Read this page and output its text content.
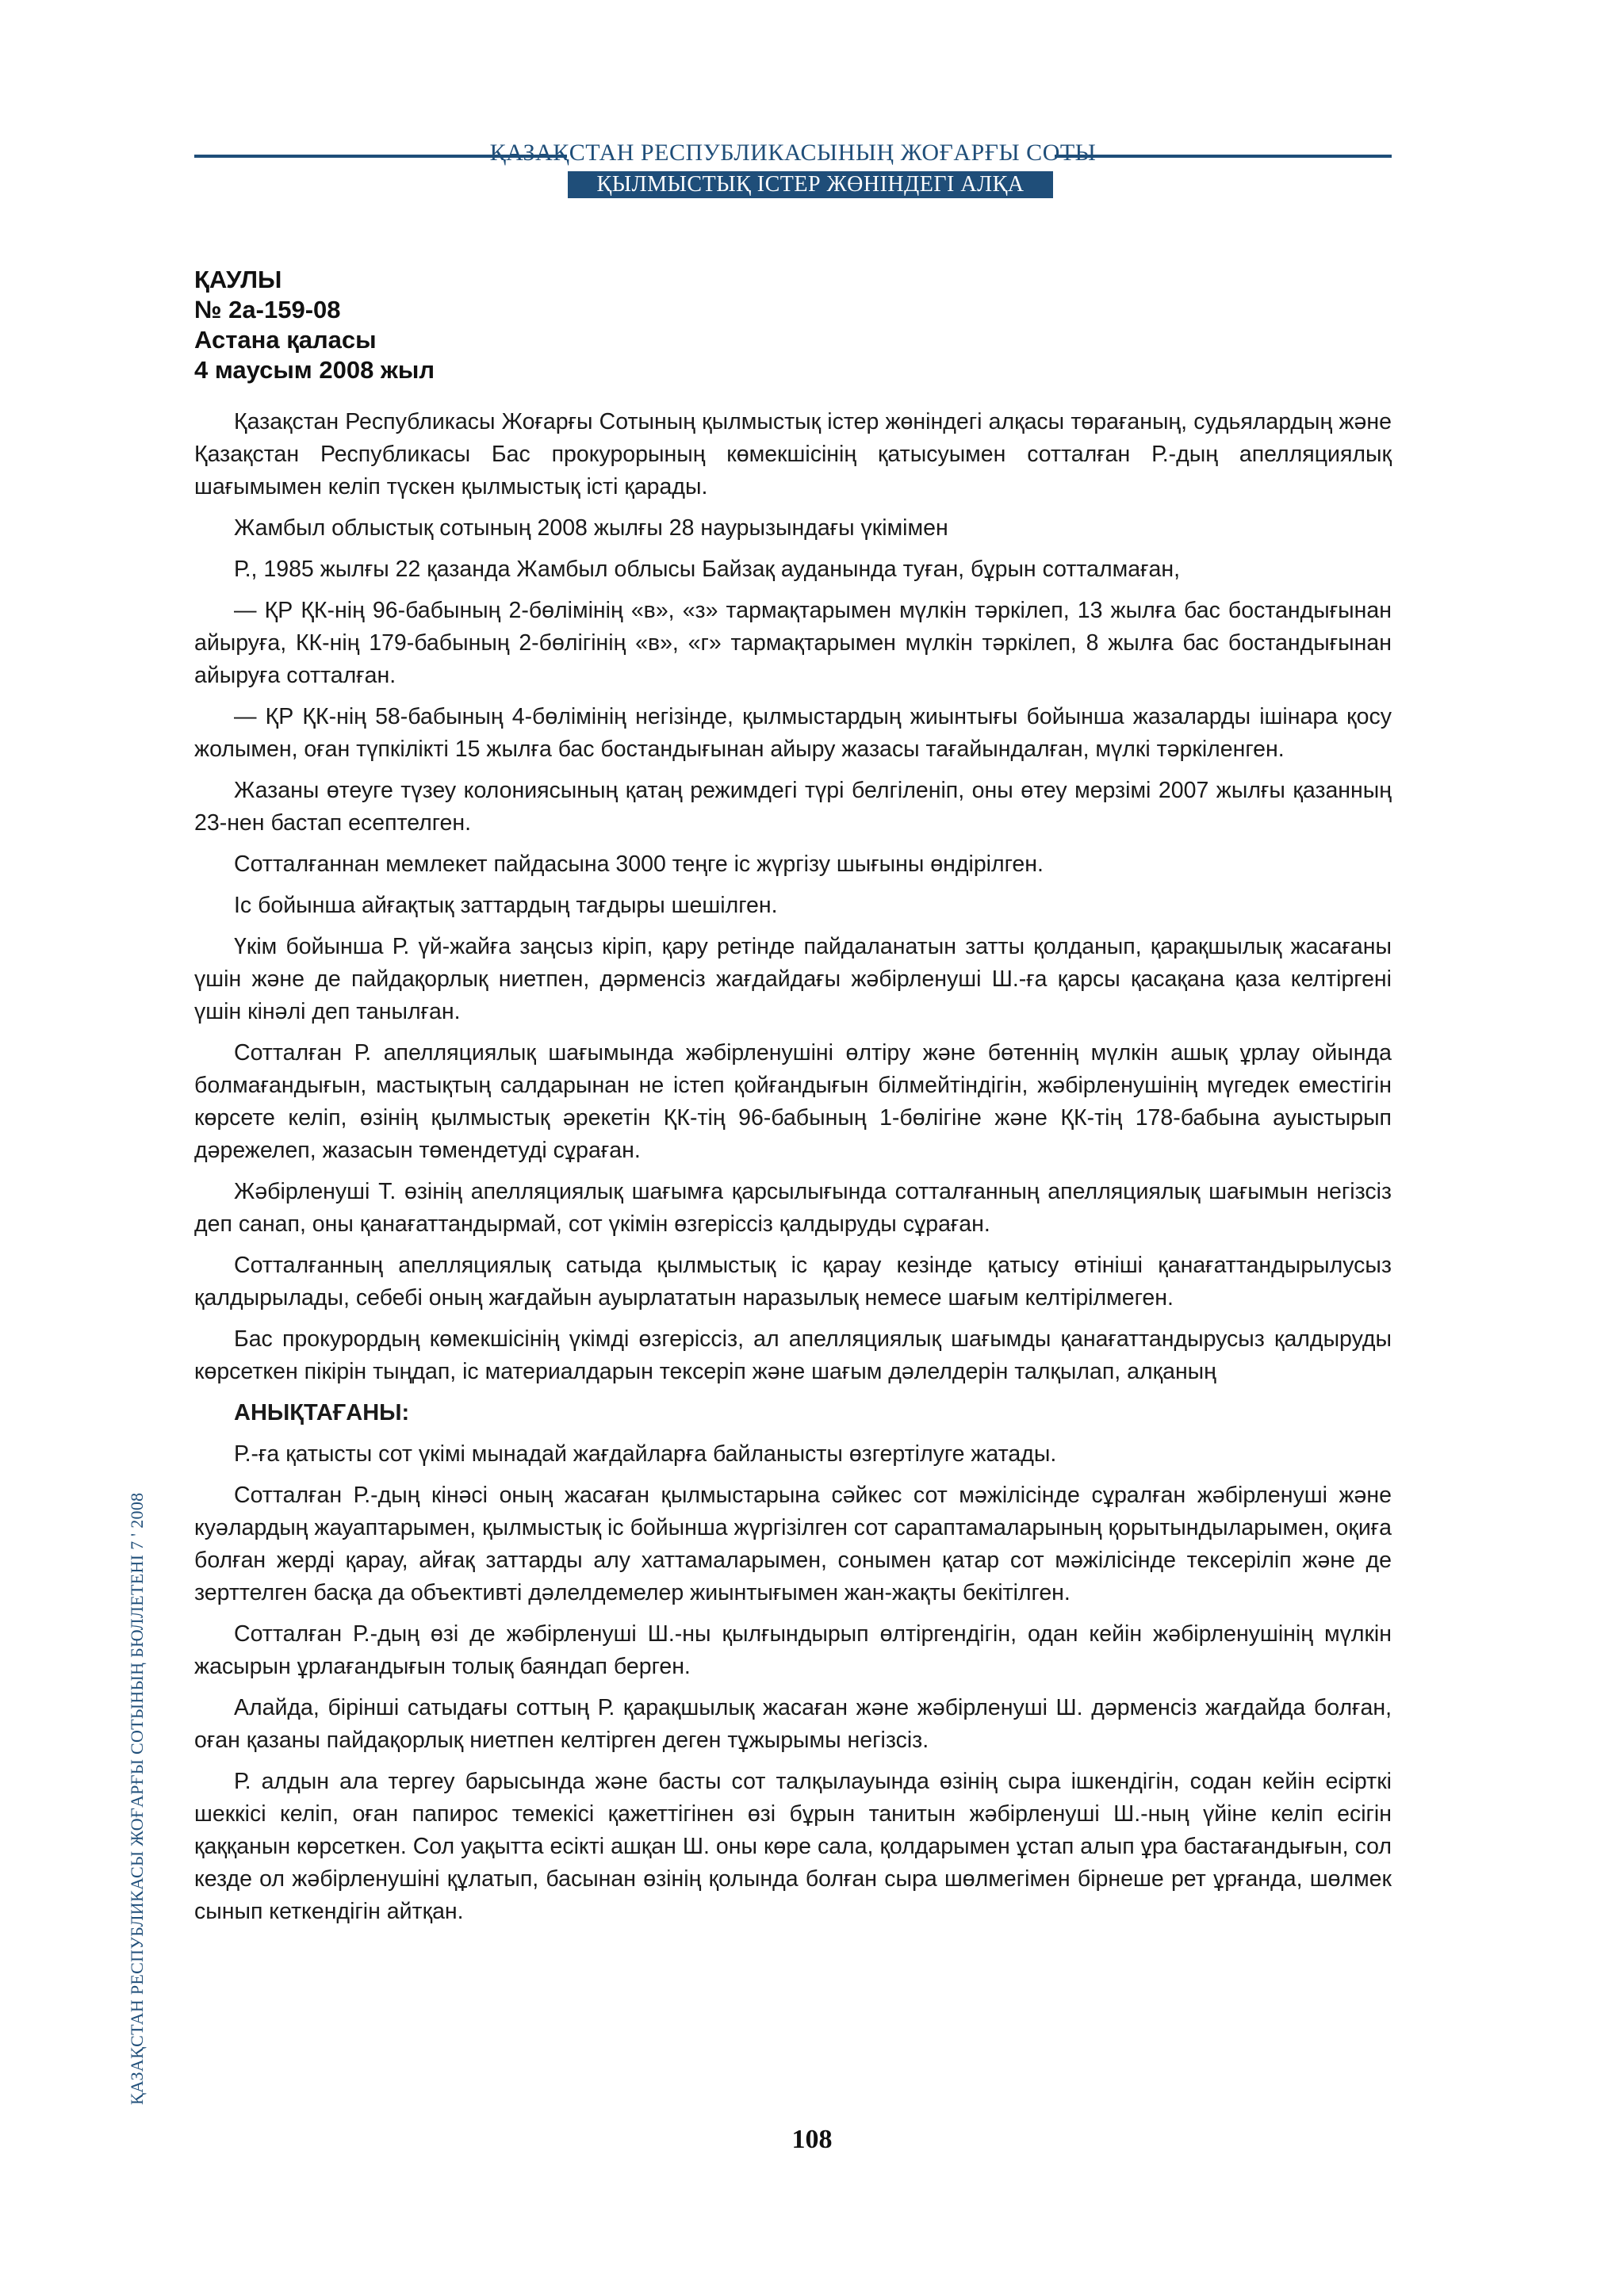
ҚАЗАҚСТАН РЕСПУБЛИКАСЫНЫҢ ЖОҒАРҒЫ СОТЫ
ҚЫЛМЫСТЫҚ ІСТЕР ЖӨНІНДЕГІ АЛҚА
ҚАУЛЫ
№ 2а-159-08
Астана қаласы
4 маусым 2008 жыл

Қазақстан Республикасы Жоғарғы Сотының қылмыстық істер жөніндегі алқасы төрағаның, судьялардың және Қазақстан Республикасы Бас прокурорының көмекшісінің қатысуымен сотталған Р.-дың апелляциялық шағымымен келіп түскен қылмыстық істі қарады.

Жамбыл облыстық сотының 2008 жылғы 28 наурызындағы үкімімен

Р., 1985 жылғы 22 қазанда Жамбыл облысы Байзақ ауданында туған, бұрын сотталмаған,

— ҚР ҚК-нің 96-бабының 2-бөлімінің «в», «з» тармақтарымен мүлкін тәркілеп, 13 жылға бас бостандығынан айыруға, КК-нің 179-бабының 2-бөлігінің «в», «г» тармақтарымен мүлкін тәркілеп, 8 жылға бас бостандығынан айыруға сотталған.

— ҚР ҚК-нің 58-бабының 4-бөлімінің негізінде, қылмыстардың жиынтығы бойынша жазаларды ішінара қосу жолымен, оған түпкілікті 15 жылға бас бостандығынан айыру жазасы тағайындалған, мүлкі тәркіленген.

Жазаны өтеуге түзеу колониясының қатаң режимдегі түрі белгіленіп, оны өтеу мерзімі 2007 жылғы қазанның 23-нен бастап есептелген.

Сотталғаннан мемлекет пайдасына 3000 теңге іс жүргізу шығыны өндірілген.

Іс бойынша айғақтық заттардың тағдыры шешілген.

Үкім бойынша Р. үй-жайға заңсыз кіріп, қару ретінде пайдаланатын затты қолданып, қарақшылық жасағаны үшін және де пайдақорлық ниетпен, дәрменсіз жағдайдағы жәбірленуші Ш.-ға қарсы қасақана қаза келтіргені үшін кінәлі деп танылған.

Сотталған Р. апелляциялық шағымында жәбірленушіні өлтіру және бөтеннің мүлкін ашық ұрлау ойында болмағандығын, мастықтың салдарынан не істеп қойғандығын білмейтіндігін, жәбірленушінің мүгедек еместігін көрсете келіп, өзінің қылмыстық әрекетін ҚК-тің 96-бабының 1-бөлігіне және ҚК-тің 178-бабына ауыстырып дәрежелеп, жазасын төмендетуді сұраған.

Жәбірленуші Т. өзінің апелляциялық шағымға қарсылығында сотталғанның апелляциялық шағымын негізсіз деп санап, оны қанағаттандырмай, сот үкімін өзгеріссіз қалдыруды сұраған.

Сотталғанның апелляциялық сатыда қылмыстық іс қарау кезінде қатысу өтініші қанағаттандырылусыз қалдырылады, себебі оның жағдайын ауырлататын наразылық немесе шағым келтірілмеген.

Бас прокурордың көмекшісінің үкімді өзгеріссіз, ал апелляциялық шағымды қанағаттандырусыз қалдыруды көрсеткен пікірін тыңдап, іс материалдарын тексеріп және шағым дәлелдерін талқылап, алқаның

АНЫҚТАҒАНЫ:

Р.-ға қатысты сот үкімі мынадай жағдайларға байланысты өзгертілуге жатады.

Сотталған Р.-дың кінәсі оның жасаған қылмыстарына сәйкес сот мәжілісінде сұралған жәбірленуші және куәлардың жауаптарымен, қылмыстық іс бойынша жүргізілген сот сараптамаларының қорытындыларымен, оқиға болған жерді қарау, айғақ заттарды алу хаттамаларымен, сонымен қатар сот мәжілісінде тексеріліп және де зерттелген басқа да объективті дәлелдемелер жиынтығымен жан-жақты бекітілген.

Сотталған Р.-дың өзі де жәбірленуші Ш.-ны қылғындырып өлтіргендігін, одан кейін жәбірленушінің мүлкін жасырын ұрлағандығын толық баяндап берген.

Алайда, бірінші сатыдағы соттың Р. қарақшылық жасаған және жәбірленуші Ш. дәрменсіз жағдайда болған, оған қазаны пайдақорлық ниетпен келтірген деген тұжырымы негізсіз.

Р. алдын ала тергеу барысында және басты сот талқылауында өзінің сыра ішкендігін, содан кейін есірткі шеккісі келіп, оған папирос темекісі қажеттігінен өзі бұрын танитын жәбірленуші Ш.-ның үйіне келіп есігін қаққанын көрсеткен. Сол уақытта есікті ашқан Ш. оны көре сала, қолдарымен ұстап алып ұра бастағандығын, сол кезде ол жәбірленушіні құлатып, басынан өзінің қолында болған сыра шөлмегімен бірнеше рет ұрғанда, шөлмек сынып кеткендігін айтқан.

ҚАЗАҚСТАН РЕСПУБЛИКАСЫ ЖОҒАРҒЫ СОТЫНЫҢ БЮЛЛЕТЕНІ 7 ' 2008
108
